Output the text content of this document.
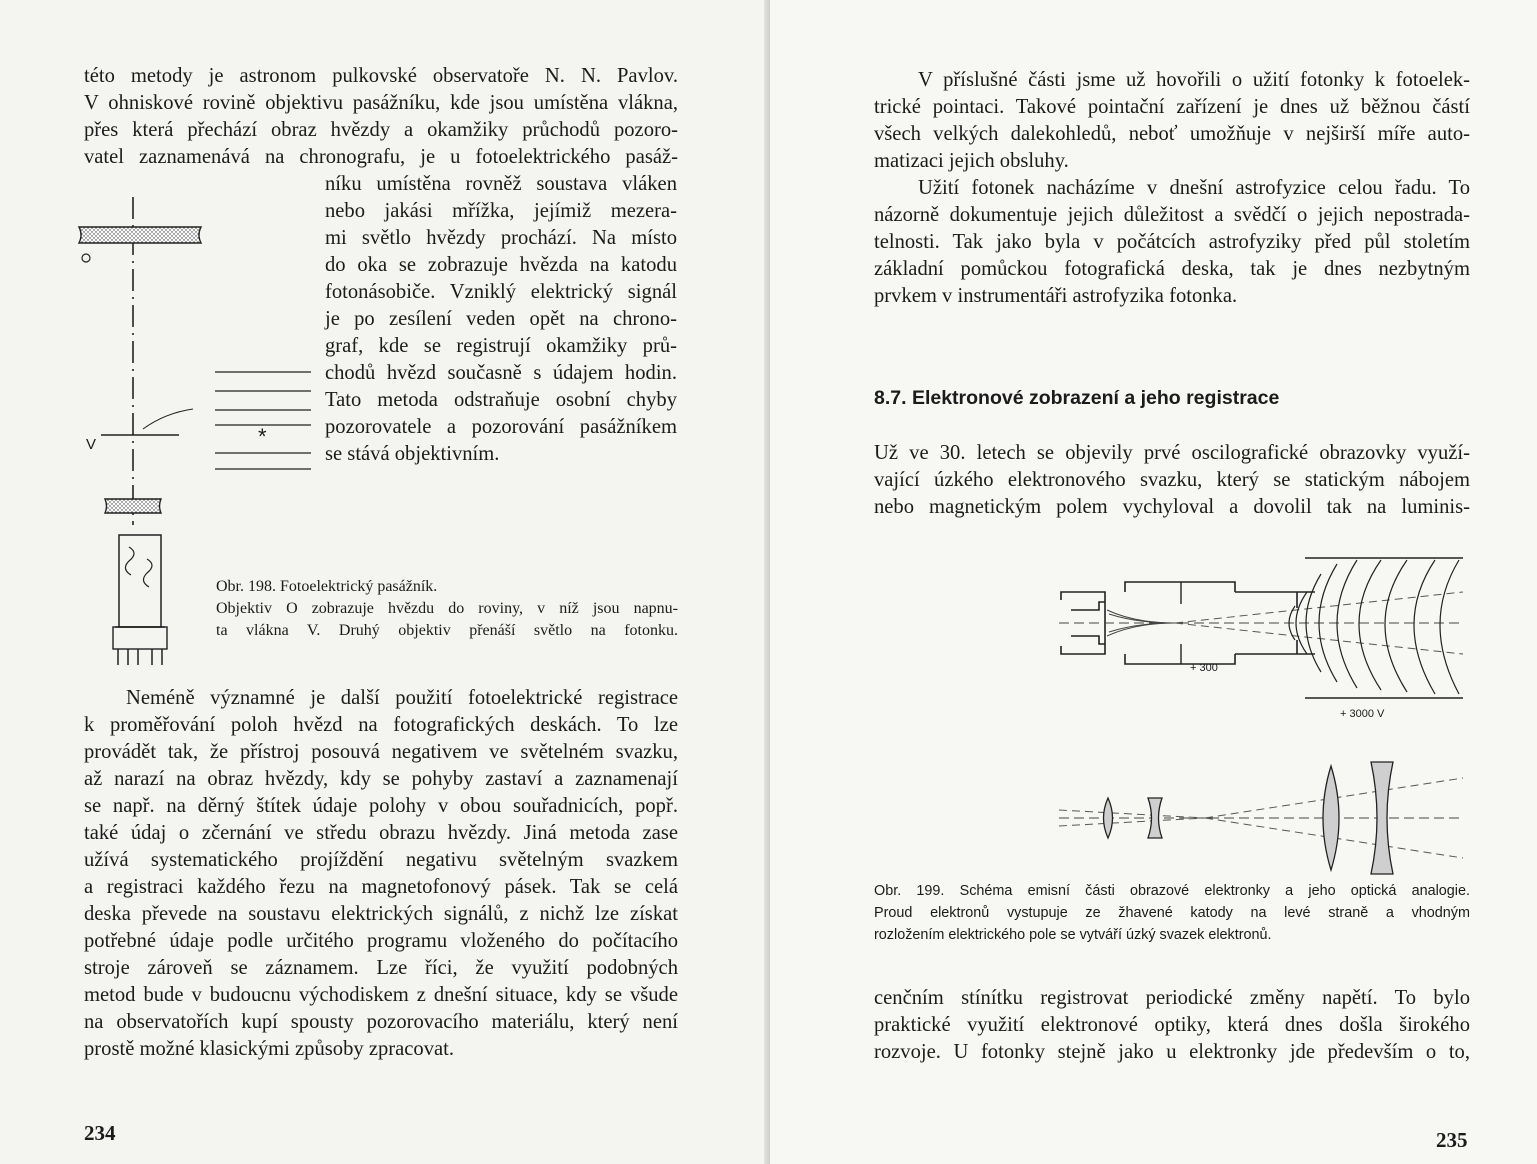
této metody je astronom pulkovské observatoře N. N. Pavlov.
V ohniskové rovině objektivu pasážníku, kde jsou umístěna vlákna,
přes která přechází obraz hvězdy a okamžiky průchodů pozoro-
vatel zaznamenává na chronografu, je u fotoelektrického pasáž-
níku umístěna rovněž soustava vláken
nebo jakási mřížka, jejímiž mezera-
mi světlo hvězdy prochází. Na místo
do oka se zobrazuje hvězda na katodu
fotonásobiče. Vzniklý elektrický signál
je po zesílení veden opět na chrono-
graf, kde se registrují okamžiky prů-
chodů hvězd současně s údajem hodin.
Tato metoda odstraňuje osobní chyby
pozorovatele a pozorování pasážníkem
se stává objektivním.
V	*
Obr. 198. Fotoelektrický pasážník.
Objektiv O zobrazuje hvězdu do roviny, v níž jsou napnu-
ta vlákna V. Druhý objektiv přenáší světlo na fotonku.
Neméně významné je další použití fotoelektrické registrace
k proměřování poloh hvězd na fotografických deskách. To lze
provádět tak, že přístroj posouvá negativem ve světelném svazku,
až narazí na obraz hvězdy, kdy se pohyby zastaví a zaznamenají
se např. na děrný štítek údaje polohy v obou souřadnicích, popř.
také údaj o zčernání ve středu obrazu hvězdy. Jiná metoda zase
užívá systematického projíždění negativu světelným svazkem
a registraci každého řezu na magnetofonový pásek. Tak se celá
deska převede na soustavu elektrických signálů, z nichž lze získat
potřebné údaje podle určitého programu vloženého do počítacího
stroje zároveň se záznamem. Lze říci, že využití podobných
metod bude v budoucnu východiskem z dnešní situace, kdy se všude
na observatořích kupí spousty pozorovacího materiálu, který není
prostě možné klasickými způsoby zpracovat.
234
V příslušné části jsme už hovořili o užití fotonky k fotoelek-
trické pointaci. Takové pointační zařízení je dnes už běžnou částí
všech velkých dalekohledů, neboť umožňuje v nejširší míře auto-
matizaci jejich obsluhy.
Užití fotonek nacházíme v dnešní astrofyzice celou řadu. To
názorně dokumentuje jejich důležitost a svědčí o jejich nepostrada-
telnosti. Tak jako byla v počátcích astrofyziky před půl stoletím
základní pomůckou fotografická deska, tak je dnes nezbytným
prvkem v instrumentáři astrofyzika fotonka.
8.7. Elektronové zobrazení a jeho registrace
Už ve 30. letech se objevily prvé oscilografické obrazovky využí-
vající úzkého elektronového svazku, který se statickým nábojem
nebo magnetickým polem vychyloval a dovolil tak na luminis-
+ 300
+ 3000 V
Obr. 199. Schéma emisní části obrazové elektronky a jeho optická analogie.
Proud elektronů vystupuje ze žhavené katody na levé straně a vhodným
rozložením elektrického pole se vytváří úzký svazek elektronů.
cenčním stínítku registrovat periodické změny napětí. To bylo
praktické využití elektronové optiky, která dnes došla širokého
rozvoje. U fotonky stejně jako u elektronky jde především o to,
235
